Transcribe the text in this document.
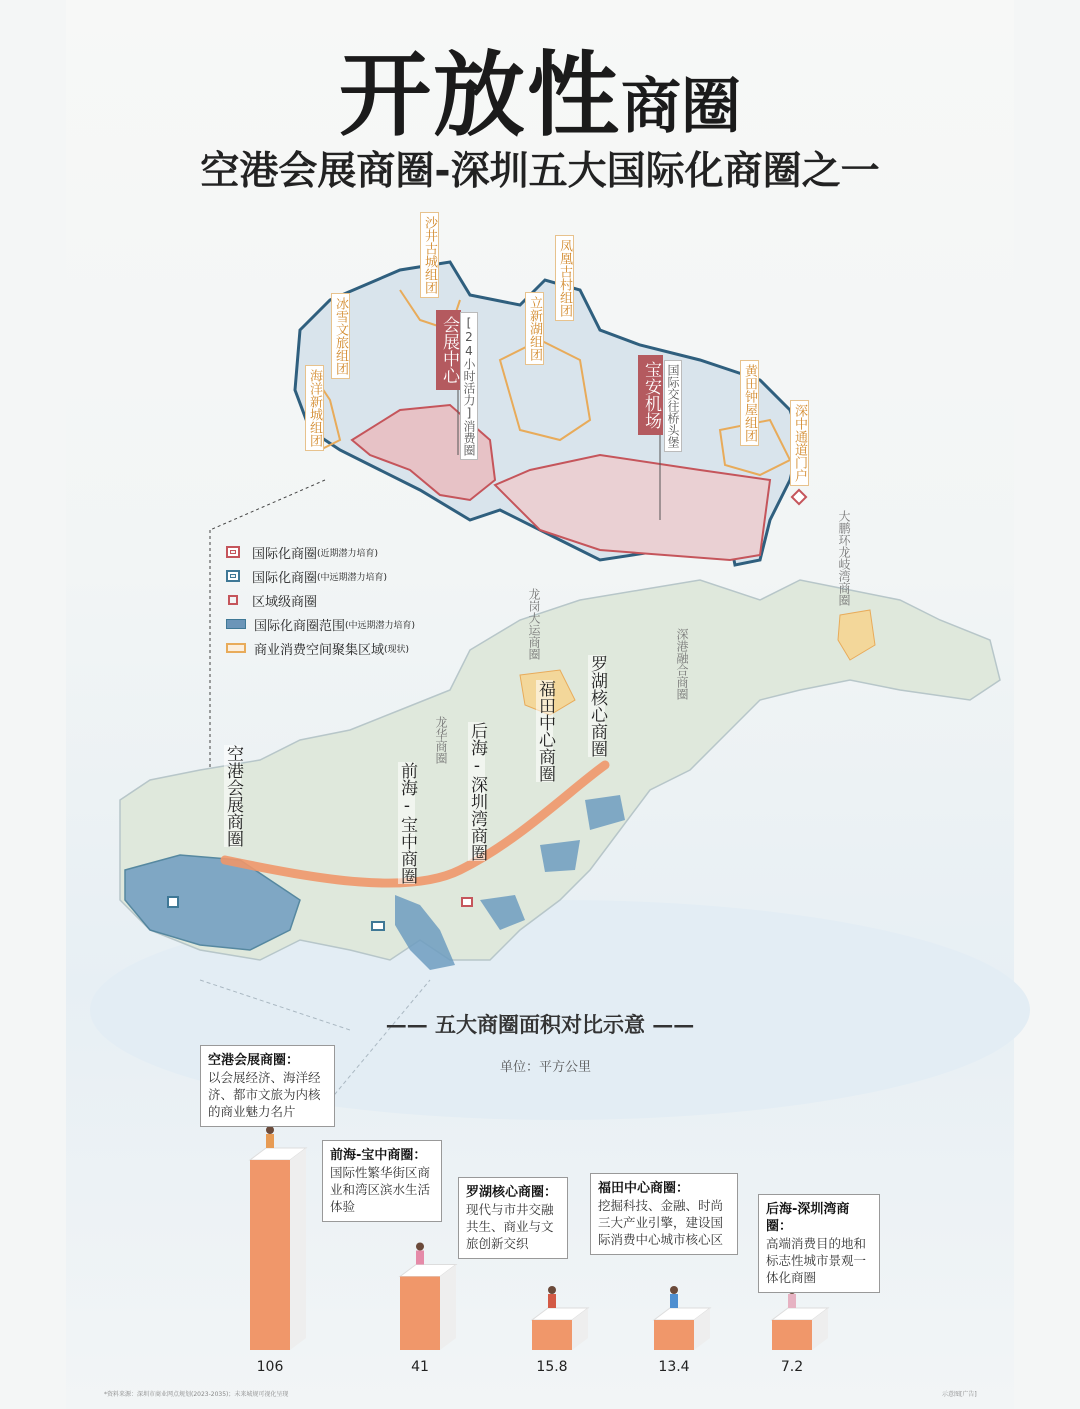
开放性商圈
空港会展商圈-深圳五大国际化商圈之一
沙井古城组团
冰雪文旅组团
海洋新城组团
凤凰古村组团
立新湖组团
黄田钟屋组团
深中通道门户
会展中心
宝安机场
[24小时活力]消费圈	国际交往桥头堡
国际化商圈 (近期潜力培育)
国际化商圈 (中远期潜力培育)
区域级商圈
国际化商圈范围 (中远期潜力培育)
商业消费空间聚集区域 (现状)
空港会展商圈	前海-宝中商圈	后海-深圳湾商圈	福田中心商圈 罗湖核心商圈
龙华商圈
龙岗大运商圈
深港融合商圈
大鹏环龙岐湾商圈
—— 五大商圈面积对比示意 ——
单位：平方公里
106	41	15.8	13.4	7.2
空港会展商圈：
以会展经济、海洋经济、都市文旅为内核的商业魅力名片
前海-宝中商圈：
国际性繁华街区商业和湾区滨水生活体验
罗湖核心商圈：
现代与市井交融共生、商业与文旅创新交织
福田中心商圈：
挖掘科技、金融、时尚三大产业引擎，建设国际消费中心城市核心区
后海-深圳湾商圈：
高端消费目的地和标志性城市景观一体化商圈
*资料来源：深圳市商业网点规划(2023-2035)；未来城规可视化呈现	示意图[广告]
